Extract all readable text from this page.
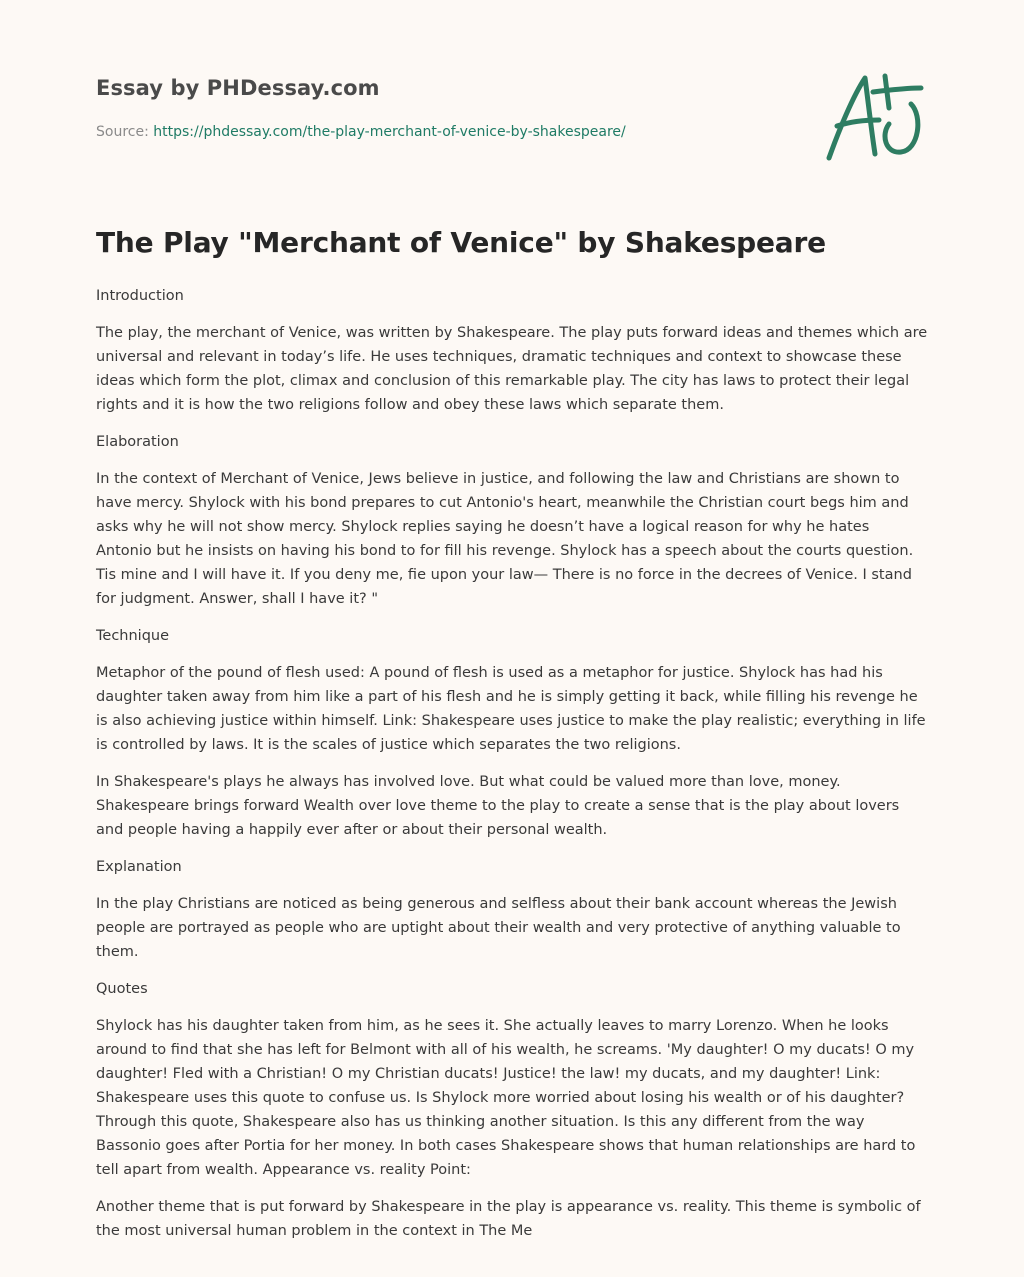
Essay by PHDessay.com
Source: https://phdessay.com/the-play-merchant-of-venice-by-shakespeare/
The Play "Merchant of Venice" by Shakespeare

Introduction

The play, the merchant of Venice, was written by Shakespeare. The play puts forward ideas and themes which are universal and relevant in today’s life. He uses techniques, dramatic techniques and context to showcase these ideas which form the plot, climax and conclusion of this remarkable play. The city has laws to protect their legal rights and it is how the two religions follow and obey these laws which separate them.

Elaboration

In the context of Merchant of Venice, Jews believe in justice, and following the law and Christians are shown to have mercy. Shylock with his bond prepares to cut Antonio's heart, meanwhile the Christian court begs him and asks why he will not show mercy. Shylock replies saying he doesn’t have a logical reason for why he hates Antonio but he insists on having his bond to for fill his revenge. Shylock has a speech about the courts question. Tis mine and I will have it. If you deny me, fie upon your law— There is no force in the decrees of Venice. I stand for judgment. Answer, shall I have it? "

Technique

Metaphor of the pound of flesh used: A pound of flesh is used as a metaphor for justice. Shylock has had his daughter taken away from him like a part of his flesh and he is simply getting it back, while filling his revenge he is also achieving justice within himself. Link: Shakespeare uses justice to make the play realistic; everything in life is controlled by laws. It is the scales of justice which separates the two religions.

In Shakespeare's plays he always has involved love. But what could be valued more than love, money. Shakespeare brings forward Wealth over love theme to the play to create a sense that is the play about lovers and people having a happily ever after or about their personal wealth.

Explanation

In the play Christians are noticed as being generous and selfless about their bank account whereas the Jewish people are portrayed as people who are uptight about their wealth and very protective of anything valuable to them.

Quotes

Shylock has his daughter taken from him, as he sees it. She actually leaves to marry Lorenzo. When he looks around to find that she has left for Belmont with all of his wealth, he screams. 'My daughter! O my ducats! O my daughter! Fled with a Christian! O my Christian ducats! Justice! the law! my ducats, and my daughter! Link: Shakespeare uses this quote to confuse us. Is Shylock more worried about losing his wealth or of his daughter? Through this quote, Shakespeare also has us thinking another situation. Is this any different from the way Bassonio goes after Portia for her money. In both cases Shakespeare shows that human relationships are hard to tell apart from wealth. Appearance vs. reality Point:

Another theme that is put forward by Shakespeare in the play is appearance vs. reality. This theme is symbolic of the most universal human problem in the context in The Me
